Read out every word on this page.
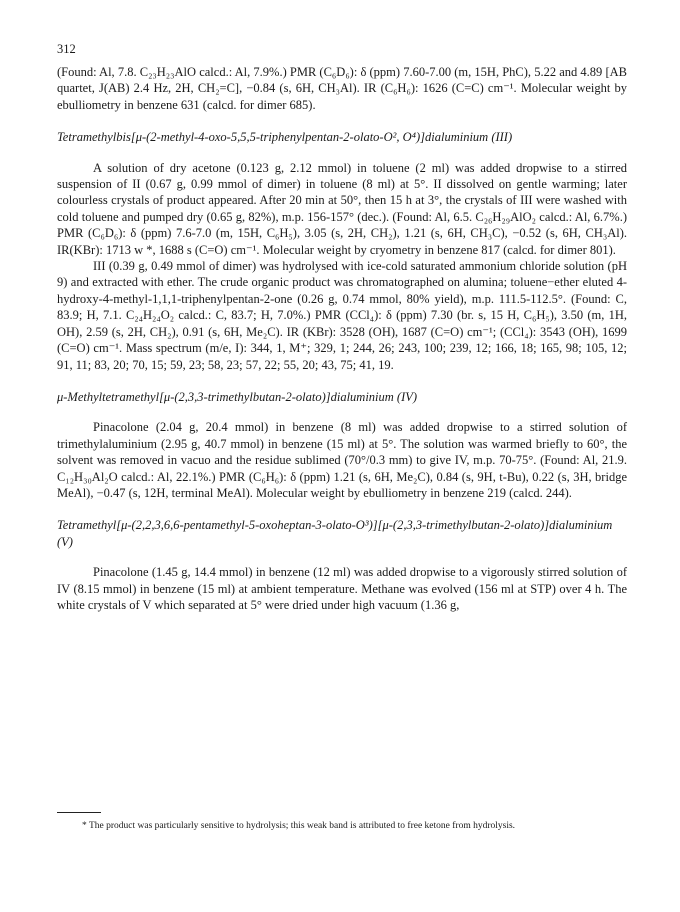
312

(Found: Al, 7.8. C₂₃H₂₃AlO calcd.: Al, 7.9%.) PMR (C₆D₆): δ (ppm) 7.60-7.00 (m, 15H, PhC), 5.22 and 4.89 [AB quartet, J(AB) 2.4 Hz, 2H, CH₂=C], −0.84 (s, 6H, CH₃Al). IR (C₆H₆): 1626 (C=C) cm⁻¹. Molecular weight by ebulliometry in benzene 631 (calcd. for dimer 685).

Tetramethylbis[μ-(2-methyl-4-oxo-5,5,5-triphenylpentan-2-olato-O², O⁴)]dialuminium (III)

A solution of dry acetone (0.123 g, 2.12 mmol) in toluene (2 ml) was added dropwise to a stirred suspension of II (0.67 g, 0.99 mmol of dimer) in toluene (8 ml) at 5°. II dissolved on gentle warming; later colourless crystals of product appeared. After 20 min at 50°, then 15 h at 3°, the crystals of III were washed with cold toluene and pumped dry (0.65 g, 82%), m.p. 156-157° (dec.). (Found: Al, 6.5. C₂₆H₂₉AlO₂ calcd.: Al, 6.7%.) PMR (C₆D₆): δ (ppm) 7.6-7.0 (m, 15H, C₆H₅), 3.05 (s, 2H, CH₂), 1.21 (s, 6H, CH₃C), −0.52 (s, 6H, CH₃Al). IR(KBr): 1713 w *, 1688 s (C=O) cm⁻¹. Molecular weight by cryometry in benzene 817 (calcd. for dimer 801).

III (0.39 g, 0.49 mmol of dimer) was hydrolysed with ice-cold saturated ammonium chloride solution (pH 9) and extracted with ether. The crude organic product was chromatographed on alumina; toluene−ether eluted 4-hydroxy-4-methyl-1,1,1-triphenylpentan-2-one (0.26 g, 0.74 mmol, 80% yield), m.p. 111.5-112.5°. (Found: C, 83.9; H, 7.1. C₂₄H₂₄O₂ calcd.: C, 83.7; H, 7.0%.) PMR (CCl₄): δ (ppm) 7.30 (br. s, 15 H, C₆H₅), 3.50 (m, 1H, OH), 2.59 (s, 2H, CH₂), 0.91 (s, 6H, Me₂C). IR (KBr): 3528 (OH), 1687 (C=O) cm⁻¹; (CCl₄): 3543 (OH), 1699 (C=O) cm⁻¹. Mass spectrum (m/e, I): 344, 1, M⁺; 329, 1; 244, 26; 243, 100; 239, 12; 166, 18; 165, 98; 105, 12; 91, 11; 83, 20; 70, 15; 59, 23; 58, 23; 57, 22; 55, 20; 43, 75; 41, 19.

μ-Methyltetramethyl[μ-(2,3,3-trimethylbutan-2-olato)]dialuminium (IV)

Pinacolone (2.04 g, 20.4 mmol) in benzene (8 ml) was added dropwise to a stirred solution of trimethylaluminium (2.95 g, 40.7 mmol) in benzene (15 ml) at 5°. The solution was warmed briefly to 60°, the solvent was removed in vacuo and the residue sublimed (70°/0.3 mm) to give IV, m.p. 70-75°. (Found: Al, 21.9. C₁₂H₃₀Al₂O calcd.: Al, 22.1%.) PMR (C₆H₆): δ (ppm) 1.21 (s, 6H, Me₂C), 0.84 (s, 9H, t-Bu), 0.22 (s, 3H, bridge MeAl), −0.47 (s, 12H, terminal MeAl). Molecular weight by ebulliometry in benzene 219 (calcd. 244).

Tetramethyl[μ-(2,2,3,6,6-pentamethyl-5-oxoheptan-3-olato-O³)][μ-(2,3,3-trimethylbutan-2-olato)]dialuminium (V)

Pinacolone (1.45 g, 14.4 mmol) in benzene (12 ml) was added dropwise to a vigorously stirred solution of IV (8.15 mmol) in benzene (15 ml) at ambient temperature. Methane was evolved (156 ml at STP) over 4 h. The white crystals of V which separated at 5° were dried under high vacuum (1.36 g,

* The product was particularly sensitive to hydrolysis; this weak band is attributed to free ketone from hydrolysis.
